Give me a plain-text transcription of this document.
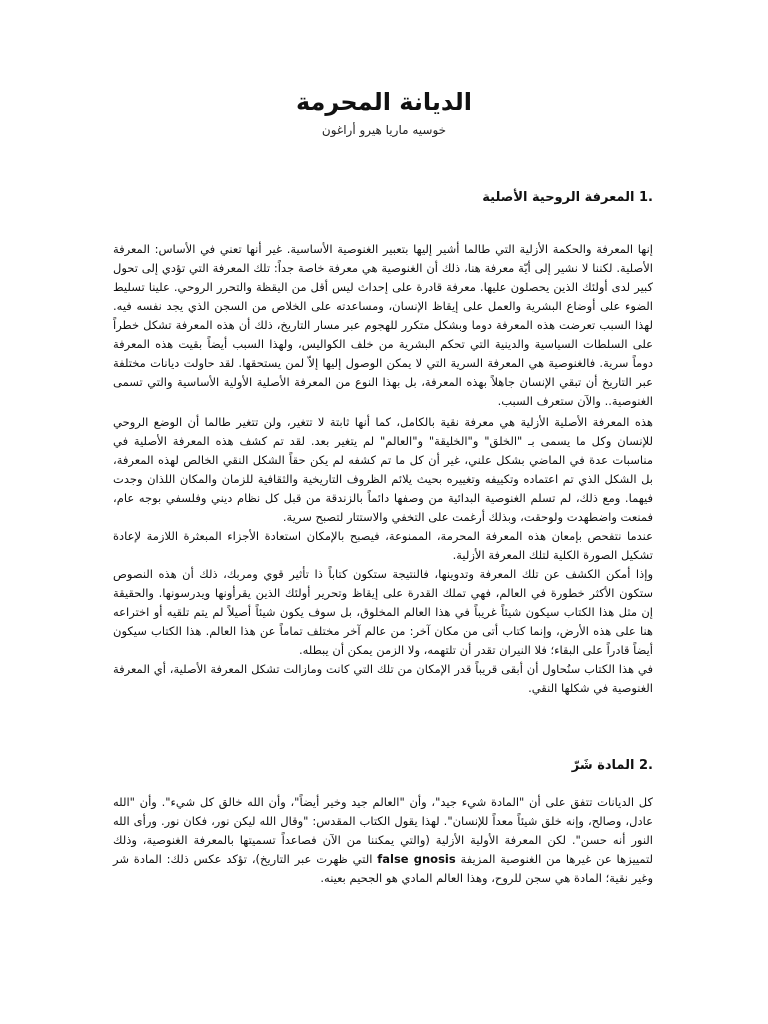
الديانة المحرمة
خوسيه ماريا هيرو أراغون
.1 المعرفة الروحية الأصلية

إنها المعرفة والحكمة الأزلية التي طالما أشير إليها بتعبير الغنوصية الأساسية. غير أنها تعني في الأساس: المعرفة الأصلية. لكننا لا نشير إلى أيّة معرفة هنا، ذلك أن الغنوصية هي معرفة خاصة جداً: تلك المعرفة التي تؤدي إلى تحول كبير لدى أولئك الذين يحصلون عليها. معرفة قادرة على إحداث ليس أقل من اليقظة والتحرر الروحي. علينا تسليط الضوء على أوضاع البشرية والعمل على إيقاظ الإنسان، ومساعدته على الخلاص من السجن الذي يجد نفسه فيه. لهذا السبب تعرضت هذه المعرفة دوما وبشكل متكرر للهجوم عبر مسار التاريخ، ذلك أن هذه المعرفة تشكل خطراً على السلطات السياسية والدينية التي تحكم البشرية من خلف الكواليس، ولهذا السبب أيضاً بقيت هذه المعرفة دوماً سرية. فالغنوصية هي المعرفة السرية التي لا يمكن الوصول إليها إلاّ لمن يستحقها. لقد حاولت ديانات مختلفة عبر التاريخ أن تبقي الإنسان جاهلاً بهذه المعرفة، بل بهذا النوع من المعرفة الأصلية الأولية الأساسية والتي تسمى الغنوصية.. والآن ستعرف السبب.

هذه المعرفة الأصلية الأزلية هي معرفة نقية بالكامل، كما أنها ثابتة لا تتغير، ولن تتغير طالما أن الوضع الروحي للإنسان وكل ما يسمى بـ "الخلق" و"الخليقة" و"العالم" لم يتغير بعد. لقد تم كشف هذه المعرفة الأصلية في مناسبات عدة في الماضي بشكل علني، غير أن كل ما تم كشفه لم يكن حقاً الشكل النقي الخالص لهذه المعرفة، بل الشكل الذي تم اعتماده وتكييفه وتغييره بحيث يلائم الظروف التاريخية والثقافية للزمان والمكان اللذان وجدت فيهما. ومع ذلك، لم تسلم الغنوصية البدائية من وصفها دائماً بالزندقة من قبل كل نظام ديني وفلسفي بوجه عام، فمنعت واضطهدت ولوحقت، وبذلك أرغمت على التخفي والاستتار لتصبح سرية.

عندما نتفحص بإمعان هذه المعرفة المحرمة، الممنوعة، فيصبح بالإمكان استعادة الأجزاء المبعثرة اللازمة لإعادة تشكيل الصورة الكلية لتلك المعرفة الأزلية.

وإذا أمكن الكشف عن تلك المعرفة وتدوينها، فالنتيجة ستكون كتاباً ذا تأثير قوي ومربك، ذلك أن هذه النصوص ستكون الأكثر خطورة في العالم، فهي تملك القدرة على إيقاظ وتحرير أولئك الذين يقرأونها ويدرسونها. والحقيقة إن مثل هذا الكتاب سيكون شيئاً غريباً في هذا العالم المخلوق، بل سوف يكون شيئاً أصيلاً لم يتم تلقيه أو اختراعه هنا على هذه الأرض، وإنما كتاب أتى من مكان آخر: من عالم آخر مختلف تماماً عن هذا العالم. هذا الكتاب سيكون أيضاً قادراً على البقاء؛ فلا النيران تقدر أن تلتهمه، ولا الزمن يمكن أن يبطله.

في هذا الكتاب سنُحاول أن أبقى قريباً قدر الإمكان من تلك التي كانت ومازالت تشكل المعرفة الأصلية، أي المعرفة الغنوصية في شكلها النقي.

.2 المادة شَرّ

كل الديانات تتفق على أن "المادة شيء جيد"، وأن "العالم جيد وخير أيضاً"، وأن الله خالق كل شيء". وأن "الله عادل، وصالح، وإنه خلق شيئاً معداً للإنسان". لهذا يقول الكتاب المقدس: "وقال الله ليكن نور، فكان نور. ورأى الله النور أنه حسن". لكن المعرفة الأولية الأزلية (والتي يمكننا من الآن فصاعداً تسميتها بالمعرفة الغنوصية، وذلك لتمييزها عن غيرها من الغنوصية المزيفة false gnosis التي ظهرت عبر التاريخ)، تؤكد عكس ذلك: المادة شر وغير نقية؛ المادة هي سجن للروح، وهذا العالم المادي هو الجحيم بعينه.
